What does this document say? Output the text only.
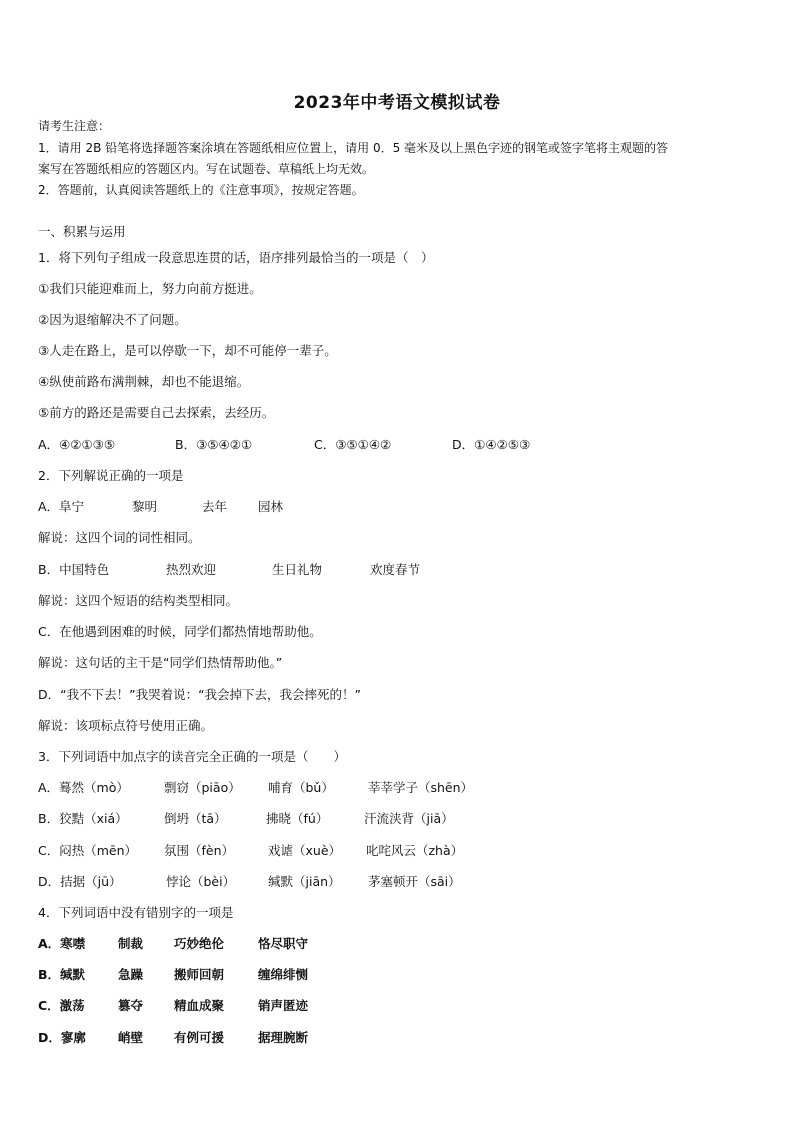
2023年中考语文模拟试卷
请考生注意：
1．请用 2B 铅笔将选择题答案涂填在答题纸相应位置上，请用 0．5 毫米及以上黑色字迹的钢笔或签字笔将主观题的答
案写在答题纸相应的答题区内。写在试题卷、草稿纸上均无效。
2．答题前，认真阅读答题纸上的《注意事项》，按规定答题。
一、积累与运用
1．将下列句子组成一段意思连贯的话，语序排列最恰当的一项是（　）
①我们只能迎难而上，努力向前方挺进。
②因为退缩解决不了问题。
③人走在路上，是可以停歇一下，却不可能停一辈子。
④纵使前路布满荆棘，却也不能退缩。
⑤前方的路还是需要自己去探索，去经历。
A．④②①③⑤	B．③⑤④②①	C．③⑤①④②	D．①④②⑤③
2．下列解说正确的一项是
A．阜宁	黎明	去年 园林
解说：这四个词的词性相同。
B．中国特色	热烈欢迎	生日礼物	欢度春节
解说：这四个短语的结构类型相同。
C．在他遇到困难的时候，同学们都热情地帮助他。
解说：这句话的主干是“同学们热情帮助他。”
D．“我不下去！”我哭着说：“我会掉下去，我会摔死的！”
解说：该项标点符号使用正确。
3．下列词语中加点字的读音完全正确的一项是（　　）
A．蓦然（mò）	剽窃（piāo） 哺育（bǔ）	莘莘学子（shēn）
B．狡黠（xiá）	倒坍（tā）	拂晓（fú）	汗流浃背（jiā）
C．闷热（mēn） 氛围（fèn）	戏谑（xuè） 叱咤风云（zhà）
D．拮据（jū）	悖论（bèi）	缄默（jiān） 茅塞顿开（sāi）
4．下列词语中没有错别字的一项是
A．寒噤	制裁 巧妙绝伦	恪尽职守
B．缄默	急躁 搬师回朝	缠绵绯恻
C．激荡	篡夺 精血成聚	销声匿迹
D．寥廓	峭壁 有例可援	据理腕断
